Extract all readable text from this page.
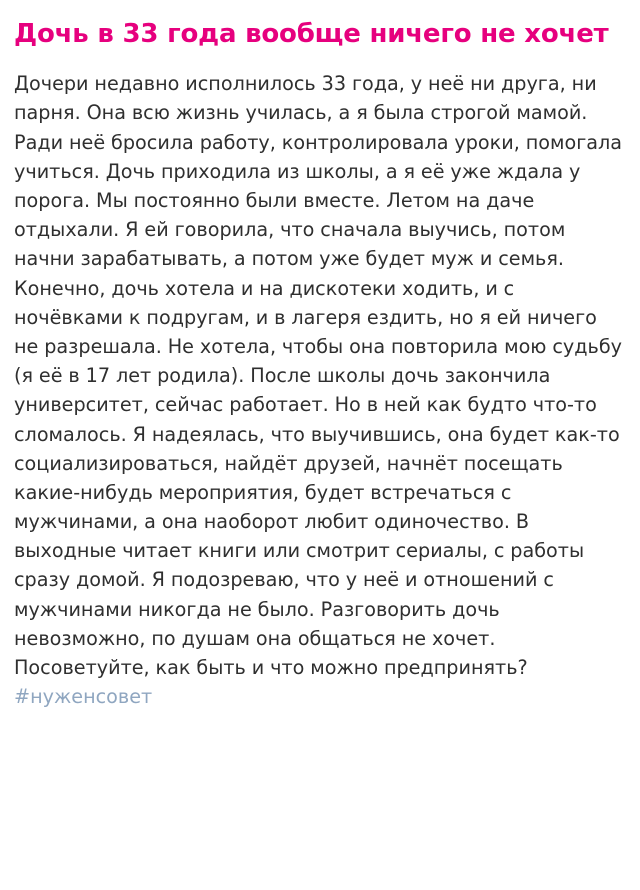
Дочь в 33 года вообще ничего не хочет

Дочери недавно исполнилось 33 года, у неё ни друга, ни парня. Она всю жизнь училась, а я была строгой мамой. Ради неё бросила работу, контролировала уроки, помогала учиться. Дочь приходила из школы, а я её уже ждала у порога. Мы постоянно были вместе. Летом на даче отдыхали. Я ей говорила, что сначала выучись, потом начни зарабатывать, а потом уже будет муж и семья. Конечно, дочь хотела и на дискотеки ходить, и с ночёвками к подругам, и в лагеря ездить, но я ей ничего не разрешала. Не хотела, чтобы она повторила мою судьбу (я её в 17 лет родила). После школы дочь закончила университет, сейчас работает. Но в ней как будто что-то сломалось. Я надеялась, что выучившись, она будет как-то социализироваться, найдёт друзей, начнёт посещать какие-нибудь мероприятия, будет встречаться с мужчинами, а она наоборот любит одиночество. В выходные читает книги или смотрит сериалы, с работы сразу домой. Я подозреваю, что у неё и отношений с мужчинами никогда не было. Разговорить дочь невозможно, по душам она общаться не хочет. Посоветуйте, как быть и что можно предпринять? #нуженсовет
